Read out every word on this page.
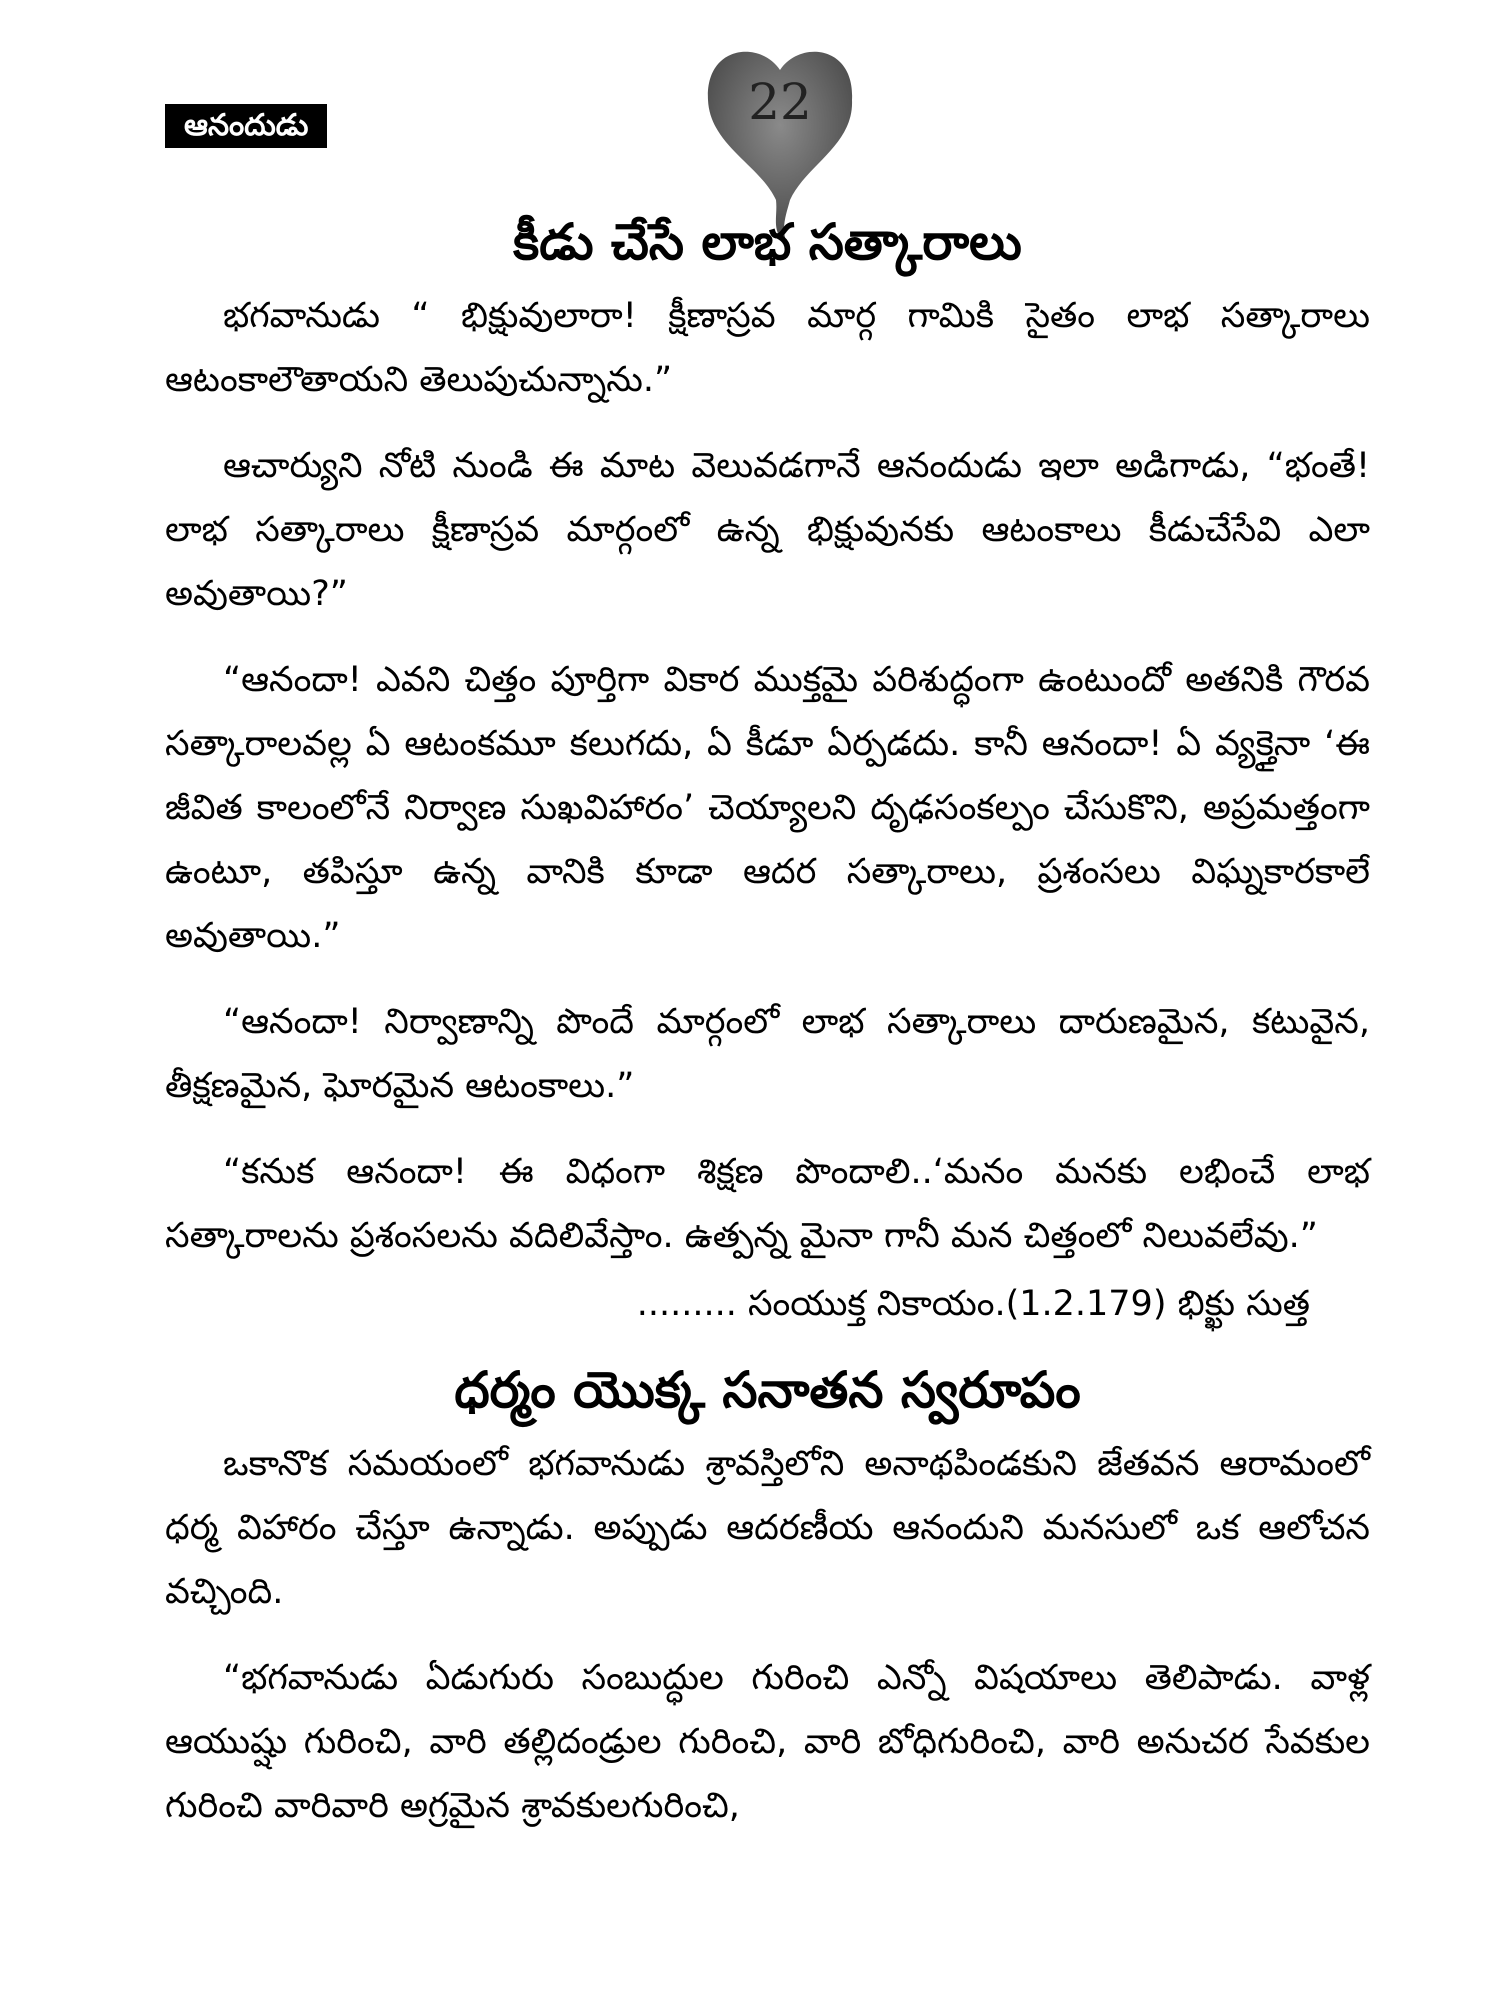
ఆనందుడు	22
కీడు చేసే లాభ సత్కారాలు

భగవానుడు “ భిక్షువులారా! క్షీణాస్రవ మార్గ గామికి సైతం లాభ సత్కారాలు ఆటంకాలౌతాయని తెలుపుచున్నాను.”

ఆచార్యుని నోటి నుండి ఈ మాట వెలువడగానే ఆనందుడు ఇలా అడిగాడు, “భంతే! లాభ సత్కారాలు క్షీణాస్రవ మార్గంలో ఉన్న భిక్షువునకు ఆటంకాలు కీడుచేసేవి ఎలా అవుతాయి?”

“ఆనందా! ఎవని చిత్తం పూర్తిగా వికార ముక్తమై పరిశుద్ధంగా ఉంటుందో అతనికి గౌరవ సత్కారాలవల్ల ఏ ఆటంకమూ కలుగదు, ఏ కీడూ ఏర్పడదు. కానీ ఆనందా! ఏ వ్యక్తైనా ‘ఈ జీవిత కాలంలోనే నిర్వాణ సుఖవిహారం’ చెయ్యాలని దృఢసంకల్పం చేసుకొని, అప్రమత్తంగా ఉంటూ, తపిస్తూ ఉన్న వానికి కూడా ఆదర సత్కారాలు, ప్రశంసలు విఘ్నకారకాలే అవుతాయి.”

“ఆనందా! నిర్వాణాన్ని పొందే మార్గంలో లాభ సత్కారాలు దారుణమైన, కటువైన, తీక్షణమైన, ఘోరమైన ఆటంకాలు.”

“కనుక ఆనందా! ఈ విధంగా శిక్షణ పొందాలి..‘మనం మనకు లభించే లాభ సత్కారాలను ప్రశంసలను వదిలివేస్తాం. ఉత్పన్న మైనా గానీ మన చిత్తంలో నిలువలేవు.”

......... సంయుక్త నికాయం.(1.2.179) భిక్ఖు సుత్త

ధర్మం యొక్క సనాతన స్వరూపం

ఒకానొక సమయంలో భగవానుడు శ్రావస్తిలోని అనాథపిండకుని జేతవన ఆరామంలో ధర్మ విహారం చేస్తూ ఉన్నాడు. అప్పుడు ఆదరణీయ ఆనందుని మనసులో ఒక ఆలోచన వచ్చింది.

“భగవానుడు ఏడుగురు సంబుద్ధుల గురించి ఎన్నో విషయాలు తెలిపాడు. వాళ్ల ఆయుష్షు గురించి, వారి తల్లిదండ్రుల గురించి, వారి బోధిగురించి, వారి అనుచర సేవకుల గురించి వారివారి అగ్రమైన శ్రావకులగురించి,
